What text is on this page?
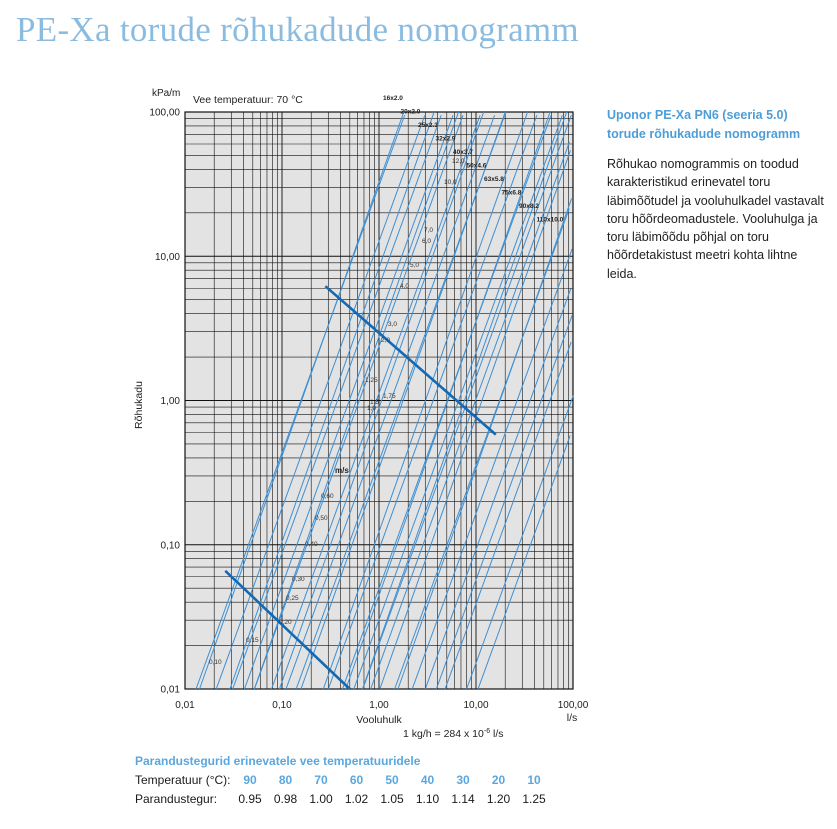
PE-Xa torude rõhukadude nomogramm
0,01	0,10	1,00	10,00	100,00
0,01
0,10
1,00
10,00
100,00
kPa/m
Vee temperatuur: 70 °C
Rõhukadu
Vooluhulk	l/s
1 kg/h = 284 x $10^{-6}$ l/s
16x2.0
20x2.0
25x2.3
32x2.9
40x3.7
50x4.6
63x5.8
75x6.8
90x8.2
110x10.0
0,10
0,15
0,20
0,25
0,30
0,40
0,50
0,60
1,0
1,25
1,5
1,75
2,0
3,0
4,0
5,0
6,0
7,0
10,0
12,0
m/s
Uponor PE-Xa PN6 (seeria 5.0) torude rõhukadude nomogramm
Rõhukao nomogrammis on toodud karakteristikud erinevatel toru läbimõõtudel ja vooluhulkadel vastavalt toru hõõrdeomadustele. Vooluhulga ja toru läbimõõdu põhjal on toru hõõrdetakistust meetri kohta lihtne leida.
Parandustegurid erinevatele vee temperatuuridele
Temperatuur (°C):	90	80	70	60	50	40	30	20	10
Parandustegur:	0.95	0.98	1.00	1.02	1.05	1.10	1.14	1.20	1.25
